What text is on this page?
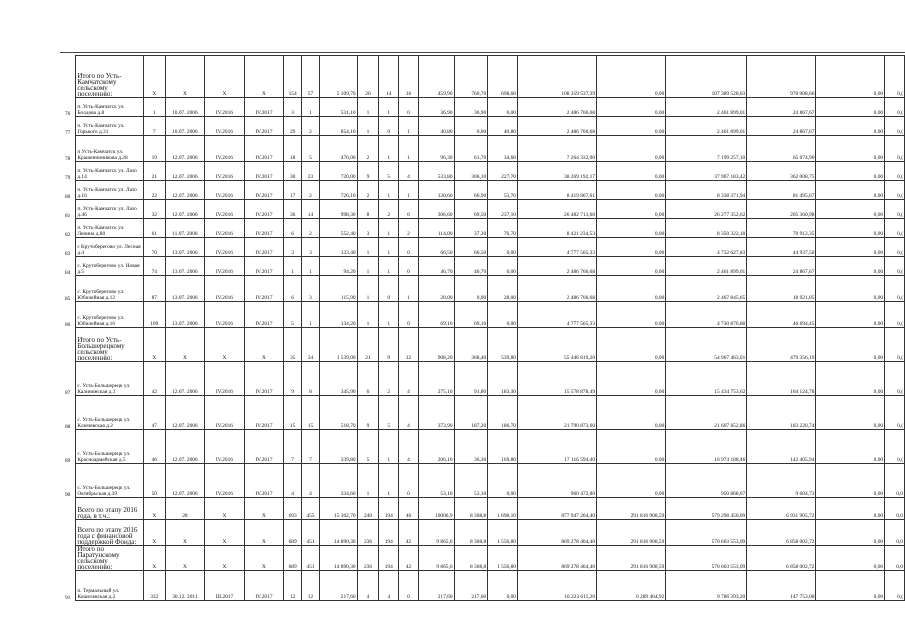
	Итого по Усть-Камчатскому сельскому поселению:	X	X	X	X	154	57	5 109,70	20	14	16	459,90	760,70	698,60	108 359 537,39	0,00	107 389 528,63	970 008,66	0,00	0,(
76	п. Усть-Камчатск ул. Болдова д.8	1	10.07. 2006	IV.2016	IV.2017	3	1	531,10	1	1	0	36,90	36,90	0,00	2 486 766,68	0,00	2 461 899,01	24 867,67	0,00	0,(
77	п. Усть-Камчатск ул. Горького д.31	7	10.07. 2006	IV.2016	IV.2017	29	2	854,10	1	0	1	40,80	0,00	40,80	2 486 766,68	0,00	2 461 899,01	24 867,67	0,00	0,(
78	п Усть-Камчатск ул. Крашенинникова д.28	19	12.07. 2006	IV.2016	IV.2017	18	5	476,06	2	1	1	96,30	61,70	34,60	7 264 332,00	0,00	7 199 257,10	65 074,90	0,00	0,(
79	п. Усть-Камчатск ул. Лазо д.14	21	12.07. 2006	IV.2016	IV.2017	30	23	720,00	9	5	4	533,80	306,10	227,70	38 269 192,17	0,00	37 907 183,42	362 008,75	0,00	0,(
80	п. Усть-Камчатск ул. Лазо д.16	22	12.07. 2006	IV.2016	IV.2017	17	2	726,10	2	1	1	120,60	66,90	53,70	8 419 867,61	0,00	8 338 371,94	81 495,67	0,00	0,(
81	п. Усть-Камчатск ул. Лазо д.46	32	12.07. 2006	IV.2016	IV.2017	36	14	998,30	8	2	6	306,60	69,50	237,10	26 482 713,60	0,00	26 277 352,62	205 360,98	0,00	0,(
82	п. Усть-Камчатск ул. Ленина д.80	61	11.07. 2006	IV.2016	IV.2017	6	2	552,40	3	1	2	114,00	37,30	76,70	8 421 234,53	0,00	8 350 322,18	70 912,35	0,00	0,(
83	с Крутоберегово ул. Лесная д.4	70	13.07. 2006	IV.2016	IV.2017	3	3	133,40	1	1	0	66,50	66,50	0,00	4 777 565,33	0,00	4 732 627,83	44 937,50	0,00	0,(
84	с. Крутоберегово ул. Новая д.5	74	13.07. 2006	IV.2016	IV.2017	1	1	94,20	1	1	0	46,70	46,70	0,00	2 486 766,68	0,00	2 461 899,01	24 867,67	0,00	0,(
85	с. Крутоберегово ул. Юбилейная д.12	87	13.07. 2006	IV.2016	IV.2017	6	3	115,90	1	0	1	28,00	0,00	28,00	2 486 766,68	0,00	2 467 845,65	18 921,05	0,00	0,(
86	с. Крутоберегово ул. Юбилейная д.16	109	13.07. 2006	IV.2016	IV.2017	5	1	134,20	1	1	0	69,10	69,10	0,00	4 777 565,33	0,00	4 730 870,88	46 694,45	0,00	0,(
	Итого по Усть-Большерецкому сельскому поселению:	X	X	X	X	35	34	1 539,00	21	9	12	908,20	368,40	539,80	55 446 819,20	0,00	54 967 463,01	479 356,19	0,00	0,(
87	с. Усть-Большерецк ул. Калининская д.1	42	12.07. 2006	IV.2016	IV.2017	9	8	345,90	6	2	4	275,10	91,80	183,30	15 578 878,49	0,00	15 434 753,62	164 124,78	0,00	0,(
88	с. Усть-Большерецк ул. Ключевская д.2	47	12.07. 2006	IV.2016	IV.2017	15	15	518,70	9	5	4	373,90	187,20	186,70	21 790 873,60	0,00	21 607 652,86	183 220,74	0,00	0,(
89	с. Усть-Большерецк ул. Красноармейская д.5	46	12.07. 2006	IV.2016	IV.2017	7	7	339,80	5	1	4	206,10	36,30	169,80	17 116 594,40	0,00	16 974 188,46	142 405,94	0,00	0,(
90	с. Усть-Большерецк ул. Октябрьская д.39	50	12.07. 2006	IV.2016	IV.2017	4	4	334,60	1	1	0	53,10	53,10	0,00	960 472,80	0,00	950 868,07	9 604,73	0,00	0,0
	Всего по этапу 2016 года, в т.ч.:	X	28	X	X	693	455	15 102,70	240	194	46	10006,9	8 308,8	1 698,10	877 947 264,40	291 816 908,59	579 298 450,09	6 931 905,72	0,00	0,0
	Всего по этапу 2016 года с финансовой поддержкой Фонда:	X	X	X	X	689	451	14 890,30	236	194	42	9 865,6	8 308,8	1 556,80	869 278 464,40	291 816 908,59	570 603 553,09	6 858 002,72	0,00	0,0
	Итого по Паратунскому сельскому поселению:	X	X	X	X	689	451	14 890,30	236	194	42	9 865,6	8 308,8	1 556,80	869 278 464,40	291 816 908,59	570 603 553,09	6 858 002,72	0,00	0,0
91	п. Термальный ул. Кошелевская д.2	332	30.12. 2011	III.2017	IV.2017	12	12	217,60	4	4	0	217,60	217,60	0,00	16 223 611,20	6 289 464,92	9 786 393,20	147 753,08	0,00	0,(
